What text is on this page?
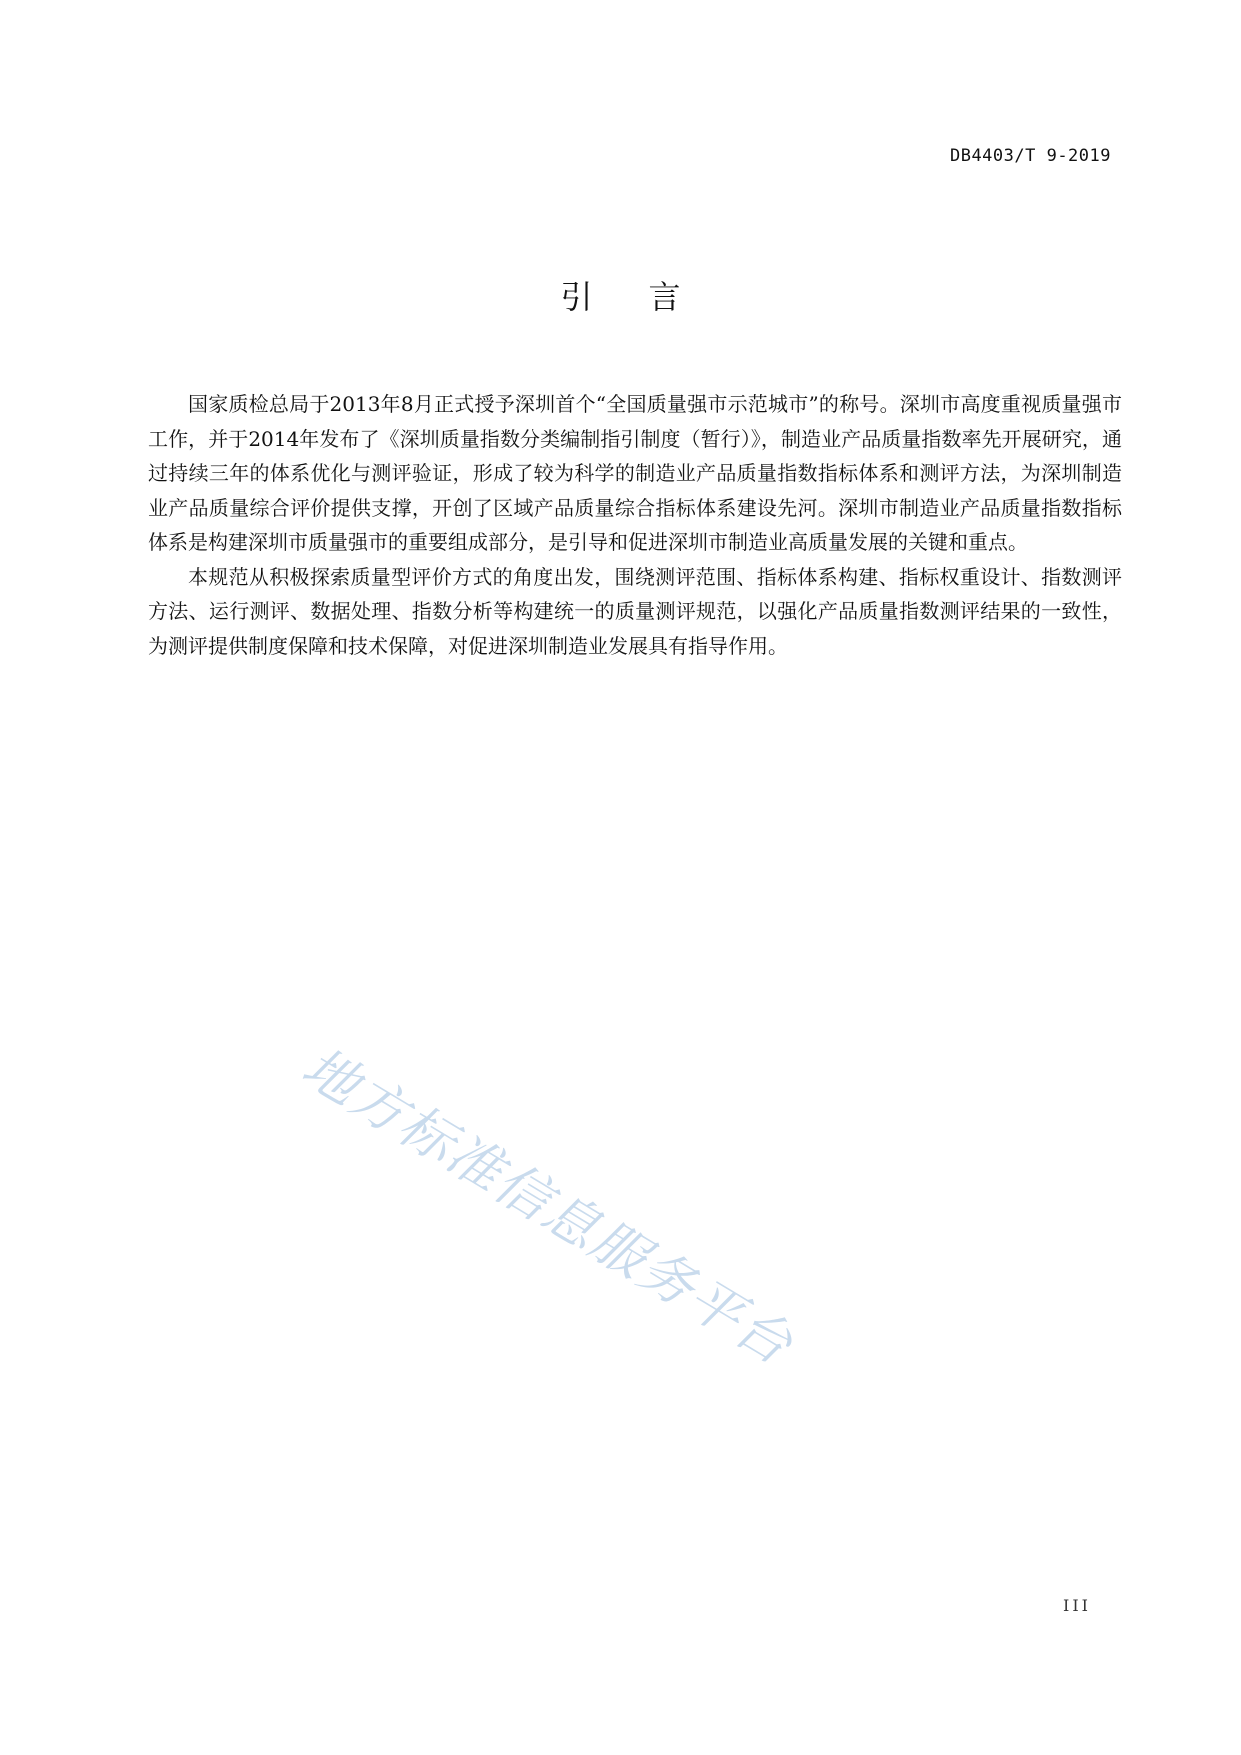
DB4403/T 9-2019
引言

国家质检总局于2013年8月正式授予深圳首个“全国质量强市示范城市”的称号。深圳市高度重视质量强市工作，并于2014年发布了《深圳质量指数分类编制指引制度（暂行）》，制造业产品质量指数率先开展研究，通过持续三年的体系优化与测评验证，形成了较为科学的制造业产品质量指数指标体系和测评方法，为深圳制造业产品质量综合评价提供支撑，开创了区域产品质量综合指标体系建设先河。深圳市制造业产品质量指数指标体系是构建深圳市质量强市的重要组成部分，是引导和促进深圳市制造业高质量发展的关键和重点。

本规范从积极探索质量型评价方式的角度出发，围绕测评范围、指标体系构建、指标权重设计、指数测评方法、运行测评、数据处理、指数分析等构建统一的质量测评规范，以强化产品质量指数测评结果的一致性，为测评提供制度保障和技术保障，对促进深圳制造业发展具有指导作用。

地方标准信息服务平台
III
